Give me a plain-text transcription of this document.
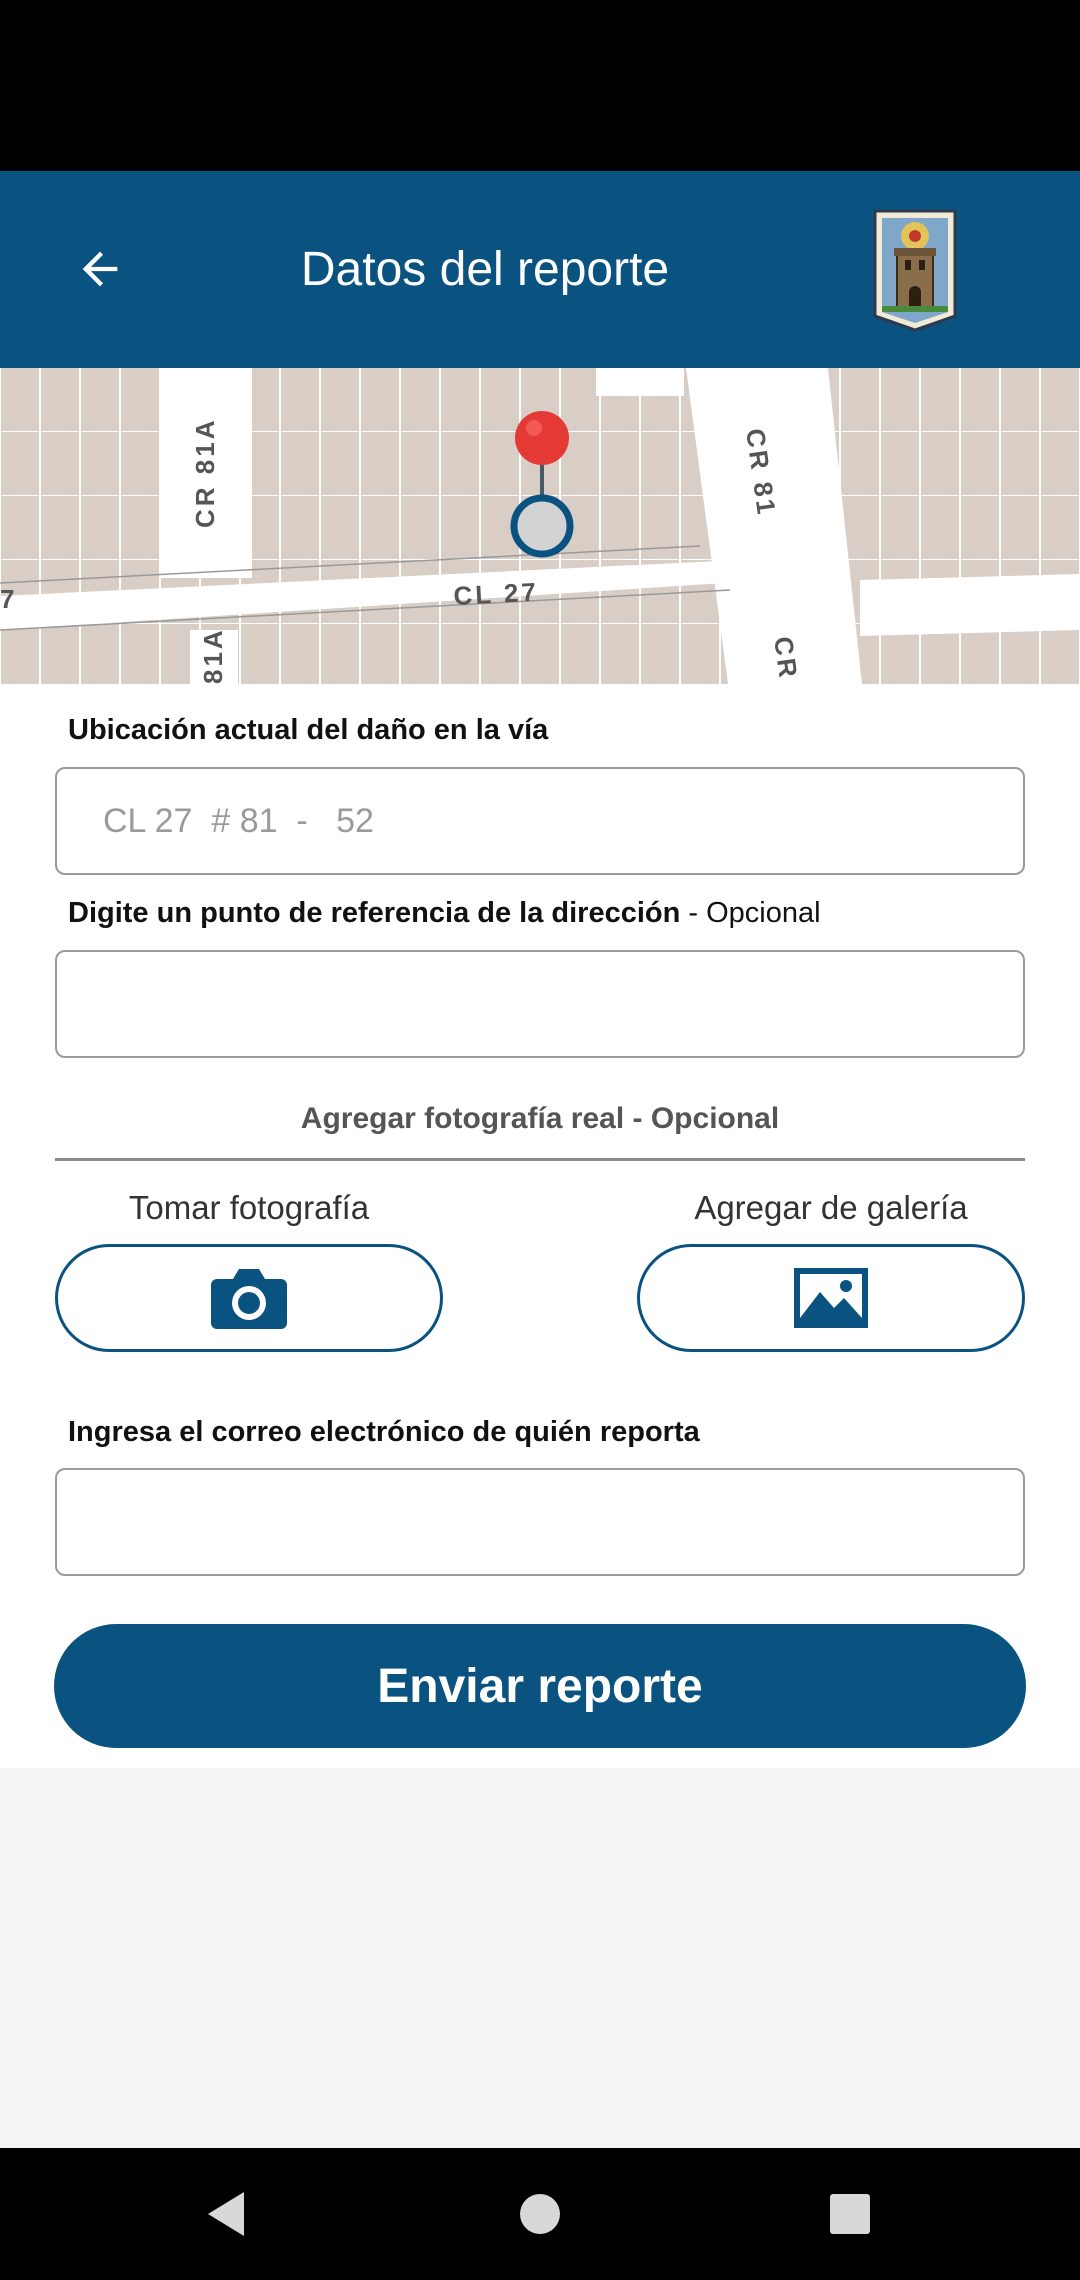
Datos del reporte
CR 81A
CL 27
CR 81
81A	CR
7
Ubicación actual del daño en la vía
CL 27  # 81  -   52
Digite un punto de referencia de la dirección - Opcional
Agregar fotografía real - Opcional
Tomar fotografía	Agregar de galería
Ingresa el correo electrónico de quién reporta
Enviar reporte
